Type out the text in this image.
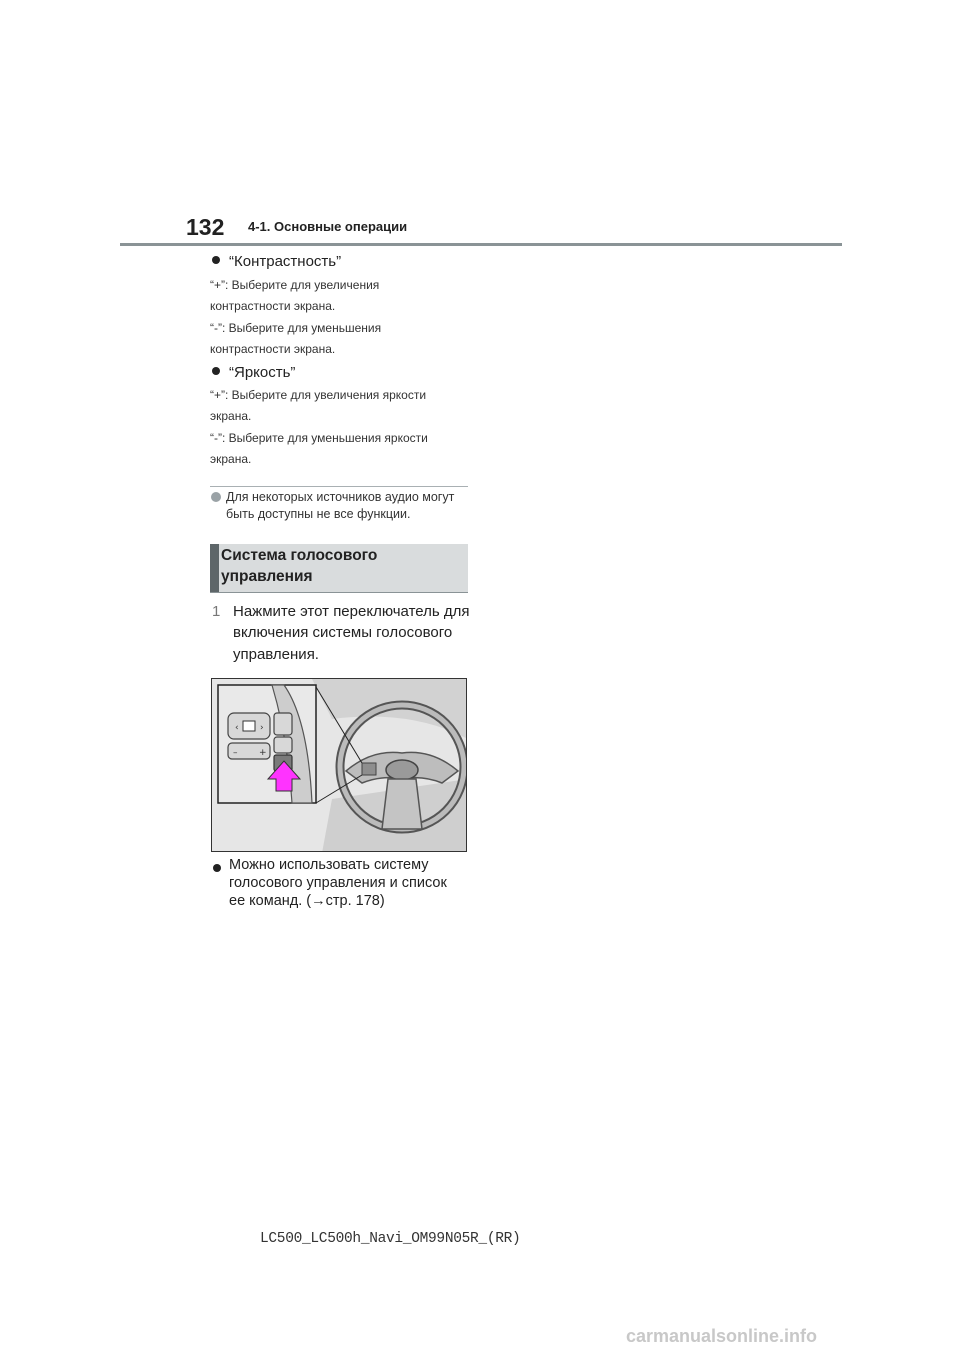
132 4-1. Основные операции
“Контрастность”
“+”: Выберите для увеличения
контрастности экрана.
“-”: Выберите для уменьшения
контрастности экрана.
“Яркость”
“+”: Выберите для увеличения яркости
экрана.
“-”: Выберите для уменьшения яркости
экрана.
Для некоторых источников аудио могут
быть доступны не все функции.
Система голосового
управления
1 Нажмите этот переключатель для
включения системы голосового
управления.
‹ ›
– +
Можно использовать систему
голосового управления и список
ее команд. (→стр. 178)
LC500_LC500h_Navi_OM99N05R_(RR)
carmanualsonline.info
